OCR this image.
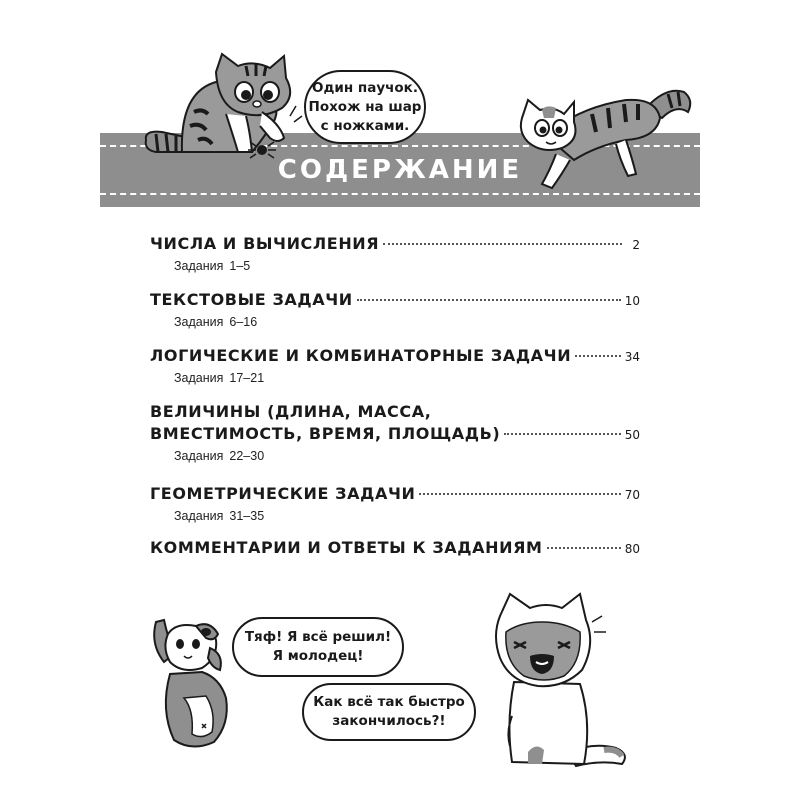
СОДЕРЖАНИЕ
Один паучок.
Похож на шар
с ножками.
ЧИСЛА И ВЫЧИСЛЕНИЯ	2
Задания 1–5
ТЕКСТОВЫЕ ЗАДАЧИ	10
Задания 6–16
ЛОГИЧЕСКИЕ И КОМБИНАТОРНЫЕ ЗАДАЧИ	34
Задания 17–21
ВЕЛИЧИНЫ (ДЛИНА, МАССА,
ВМЕСТИМОСТЬ, ВРЕМЯ, ПЛОЩАДЬ)	50
Задания 22–30
ГЕОМЕТРИЧЕСКИЕ ЗАДАЧИ	70
Задания 31–35
КОММЕНТАРИИ И ОТВЕТЫ К ЗАДАНИЯМ	80
Тяф! Я всё решил!
Я молодец!
Как всё так быстро
закончилось?!
